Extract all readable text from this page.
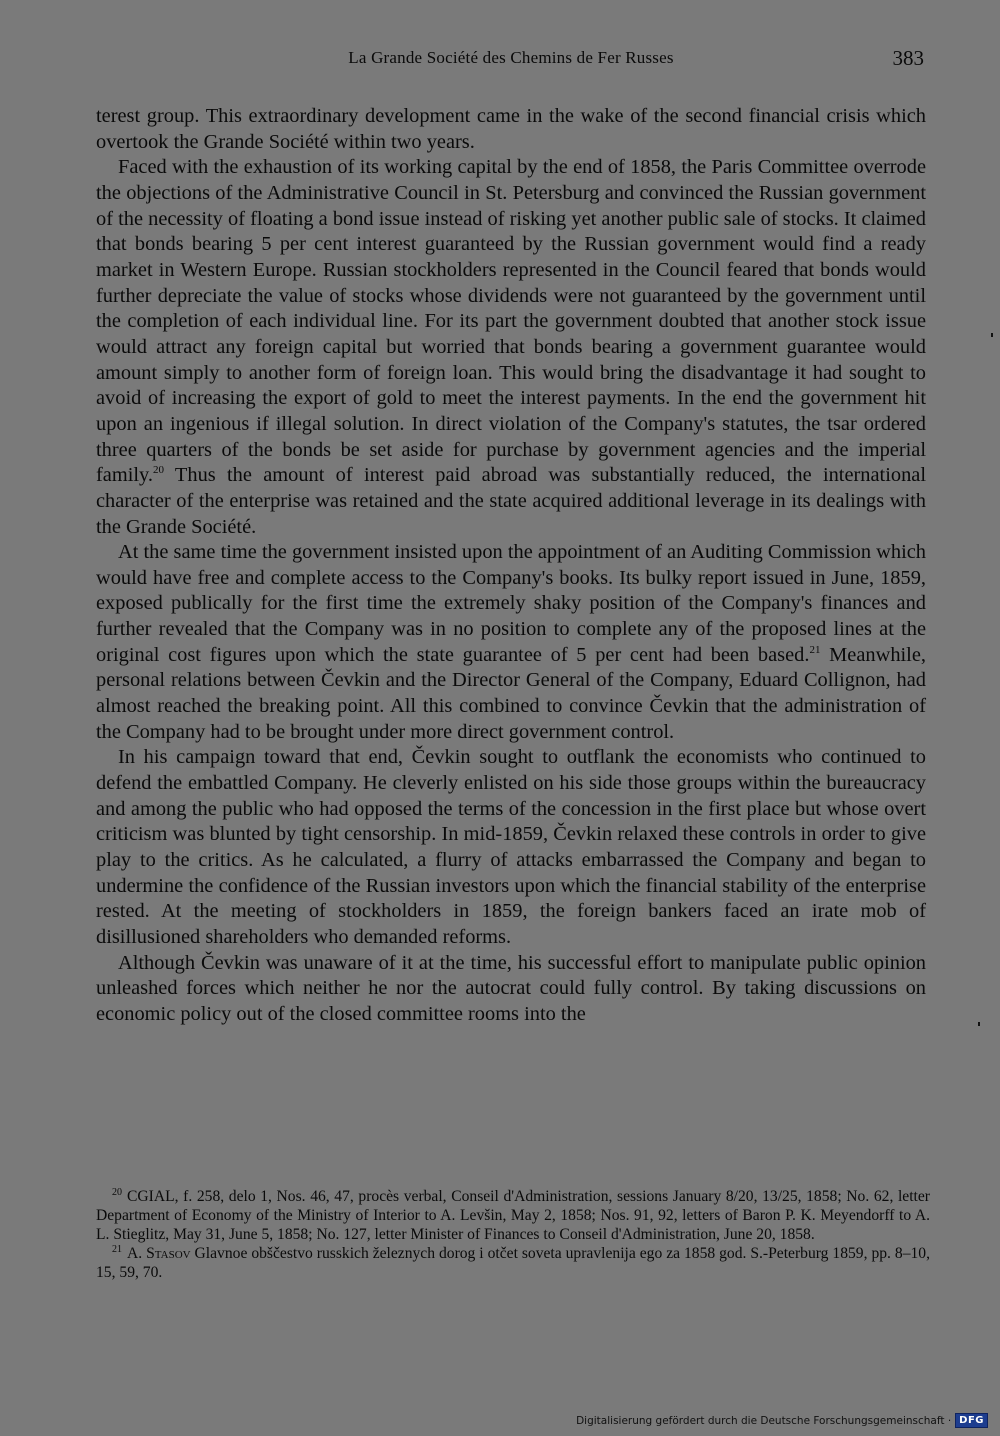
La Grande Société des Chemins de Fer Russes	383

terest group. This extraordinary development came in the wake of the second financial crisis which overtook the Grande Société within two years.

Faced with the exhaustion of its working capital by the end of 1858, the Paris Committee overrode the objections of the Administrative Council in St. Petersburg and convinced the Russian government of the necessity of floating a bond issue instead of risking yet another public sale of stocks. It claimed that bonds bearing 5 per cent interest guaranteed by the Russian government would find a ready market in Western Europe. Russian stockholders represented in the Council feared that bonds would further depreciate the value of stocks whose dividends were not guaranteed by the government until the completion of each individual line. For its part the government doubted that another stock issue would attract any foreign capital but worried that bonds bearing a government guarantee would amount simply to another form of foreign loan. This would bring the disadvantage it had sought to avoid of increasing the export of gold to meet the interest payments. In the end the government hit upon an ingenious if illegal solution. In direct violation of the Company's statutes, the tsar ordered three quarters of the bonds be set aside for purchase by government agencies and the imperial family.$^{20}$ Thus the amount of interest paid abroad was substantially reduced, the international character of the enterprise was retained and the state acquired additional leverage in its dealings with the Grande Société.

At the same time the government insisted upon the appointment of an Auditing Commission which would have free and complete access to the Company's books. Its bulky report issued in June, 1859, exposed publically for the first time the extremely shaky position of the Company's finances and further revealed that the Company was in no position to complete any of the proposed lines at the original cost figures upon which the state guarantee of 5 per cent had been based.$^{21}$ Meanwhile, personal relations between Čevkin and the Director General of the Company, Eduard Collignon, had almost reached the breaking point. All this combined to convince Čevkin that the administration of the Company had to be brought under more direct government control.

In his campaign toward that end, Čevkin sought to outflank the economists who continued to defend the embattled Company. He cleverly enlisted on his side those groups within the bureaucracy and among the public who had opposed the terms of the concession in the first place but whose overt criticism was blunted by tight censorship. In mid-1859, Čevkin relaxed these controls in order to give play to the critics. As he calculated, a flurry of attacks embarrassed the Company and began to undermine the confidence of the Russian investors upon which the financial stability of the enterprise rested. At the meeting of stockholders in 1859, the foreign bankers faced an irate mob of disillusioned shareholders who demanded reforms.

Although Čevkin was unaware of it at the time, his successful effort to manipulate public opinion unleashed forces which neither he nor the autocrat could fully control. By taking discussions on economic policy out of the closed committee rooms into the

$^{20}$ CGIAL, f. 258, delo 1, Nos. 46, 47, procès verbal, Conseil d'Administration, sessions January 8/20, 13/25, 1858; No. 62, letter Department of Economy of the Ministry of Interior to A. Levšin, May 2, 1858; Nos. 91, 92, letters of Baron P. K. Meyendorff to A. L. Stieglitz, May 31, June 5, 1858; No. 127, letter Minister of Finances to Conseil d'Administration, June 20, 1858.

$^{21}$ A. Stasov Glavnoe obščestvo russkich železnych dorog i otčet soveta upravlenija ego za 1858 god. S.-Peterburg 1859, pp. 8–10, 15, 59, 70.

Digitalisierung gefördert durch die Deutsche Forschungsgemeinschaft · DFG
